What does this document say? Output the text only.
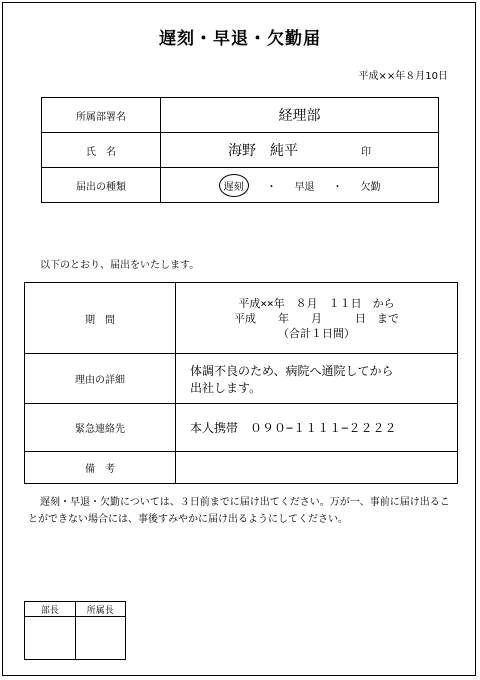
遅刻・早退・欠勤届
平成××年８月10日
所属部署名	経理部
氏　名	海野　純平 印
届出の種類	遅刻 ・ 早退 ・ 欠勤
以下のとおり、届出をいたします。
期　間	平成××年　８月　１１日　から
平成　　年　　月　　　日　まで
（合計１日間）

理由の詳細	体調不良のため、病院へ通院してから
出社します。

緊急連絡先	本人携帯　０９０−１１１１−２２２２
備　考	
遅刻・早退・欠勤については、３日前までに届け出てください。万が一、事前に届け出ることができない場合には、事後すみやかに届け出るようにしてください。
部長	所属長
